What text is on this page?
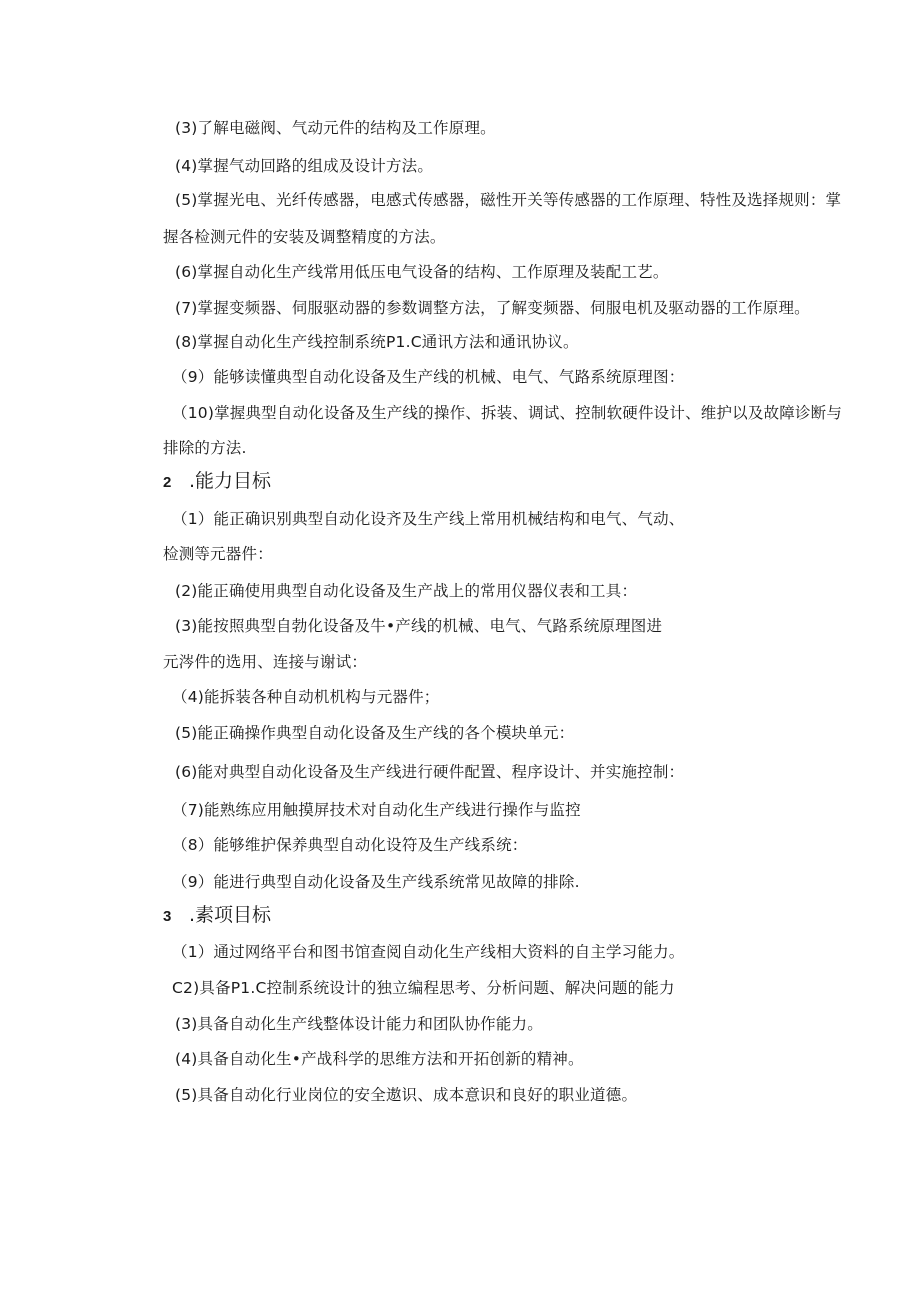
(3)了解电磁阀、气动元件的结构及工作原理。
(4)掌握气动回路的组成及设计方法。
(5)掌握光电、光纤传感器，电感式传感器，磁性开关等传感器的工作原理、特性及选择规则：掌
握各检测元件的安装及调整精度的方法。
(6)掌握自动化生产线常用低压电气设备的结构、工作原理及装配工艺。
(7)掌握变频器、伺服驱动器的参数调整方法，了解变频器、伺服电机及驱动器的工作原理。
(8)掌握自动化生产线控制系统P1.C通讯方法和通讯协议。
（9）能够读懂典型自动化设备及生产线的机械、电气、气路系统原理图：
（10)掌握典型自动化设备及生产线的操作、拆装、调试、控制软硬件设计、维护以及故障诊断与
排除的方法.
2 .能力目标
（1）能正确识别典型自动化设齐及生产线上常用机械结构和电气、气动、
检测等元器件：
(2)能正确使用典型自动化设备及生产战上的常用仪器仪表和工具：
(3)能按照典型自勃化设备及牛•产线的机械、电气、气路系统原理图进
元涔件的选用、连接与谢试：
（4)能拆装各种自动机机构与元器件；
(5)能正确操作典型自动化设备及生产线的各个模块单元：
(6)能对典型自动化设备及生产线进行硬件配置、程序设计、并实施控制：
（7)能熟练应用触摸屏技术对自动化生产线进行操作与监控
（8）能够维护保养典型自动化设符及生产线系统：
（9）能进行典型自动化设备及生产线系统常见故障的排除.
3 .素项目标
（1）通过网络平台和图书馆查阅自动化生产线相大资料的自主学习能力。
C2)具备P1.C控制系统设计的独立编程思考、分析问题、解决问题的能力
(3)具备自动化生产线整体设计能力和团队协作能力。
(4)具备自动化生•产战科学的思维方法和开拓创新的精神。
(5)具备自动化行业岗位的安全遨识、成本意识和良好的职业道德。
